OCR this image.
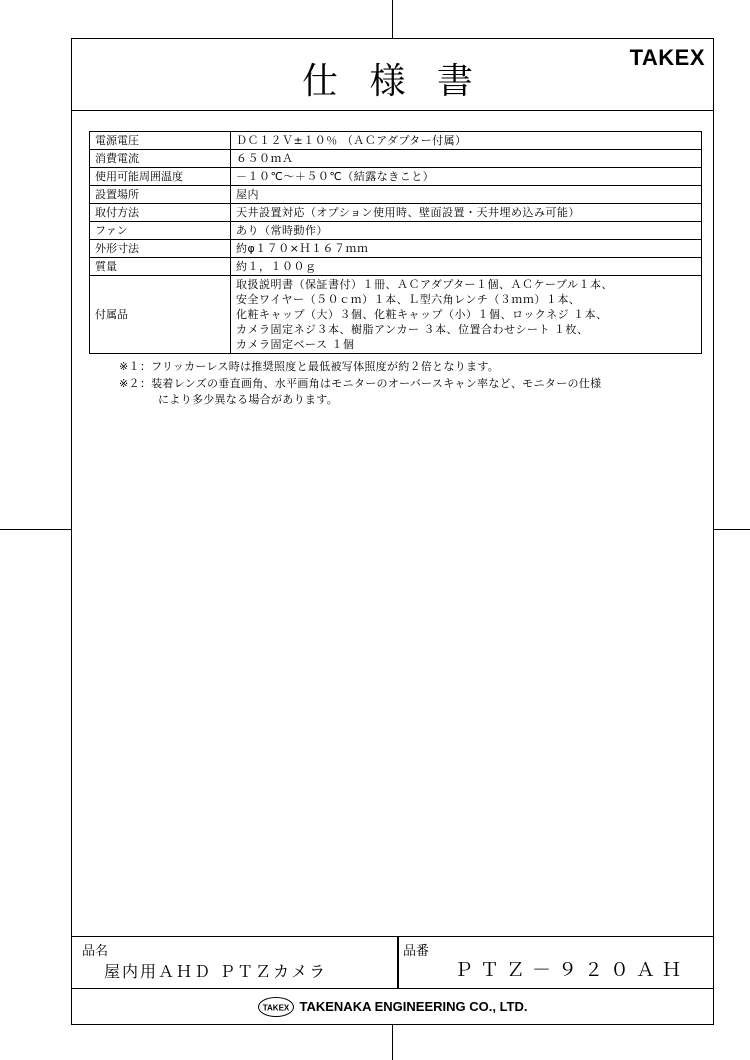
仕 様 書
TAKEX
電源電圧	ＤＣ１２Ｖ±１０％ （ＡＣアダプター付属）

消費電流	６５０ｍＡ

使用可能周囲温度	－１０℃～＋５０℃（結露なきこと）

設置場所	屋内

取付方法	天井設置対応（オプション使用時、壁面設置・天井埋め込み可能）

ファン	あり（常時動作）

外形寸法	約φ１７０×Ｈ１６７ｍｍ

質量	約１，１００ｇ

付属品	取扱説明書（保証書付）１冊、ＡＣアダプター１個、ＡＣケーブル１本、
安全ワイヤー（５０ｃｍ）１本、Ｌ型六角レンチ（３ｍｍ）１本、
化粧キャップ（大）３個、化粧キャップ（小）１個、ロックネジ １本、
カメラ固定ネジ３本、樹脂アンカー ３本、位置合わせシート １枚、
カメラ固定ベース １個
※１：フリッカーレス時は推奨照度と最低被写体照度が約２倍となります。
※２：装着レンズの垂直画角、水平画角はモニターのオーバースキャン率など、モニターの仕様
により多少異なる場合があります。
品名
屋内用ＡＨＤ ＰＴＺカメラ
品番
ＰＴＺ－９２０ＡＨ
TAKEX TAKENAKA ENGINEERING CO., LTD.
